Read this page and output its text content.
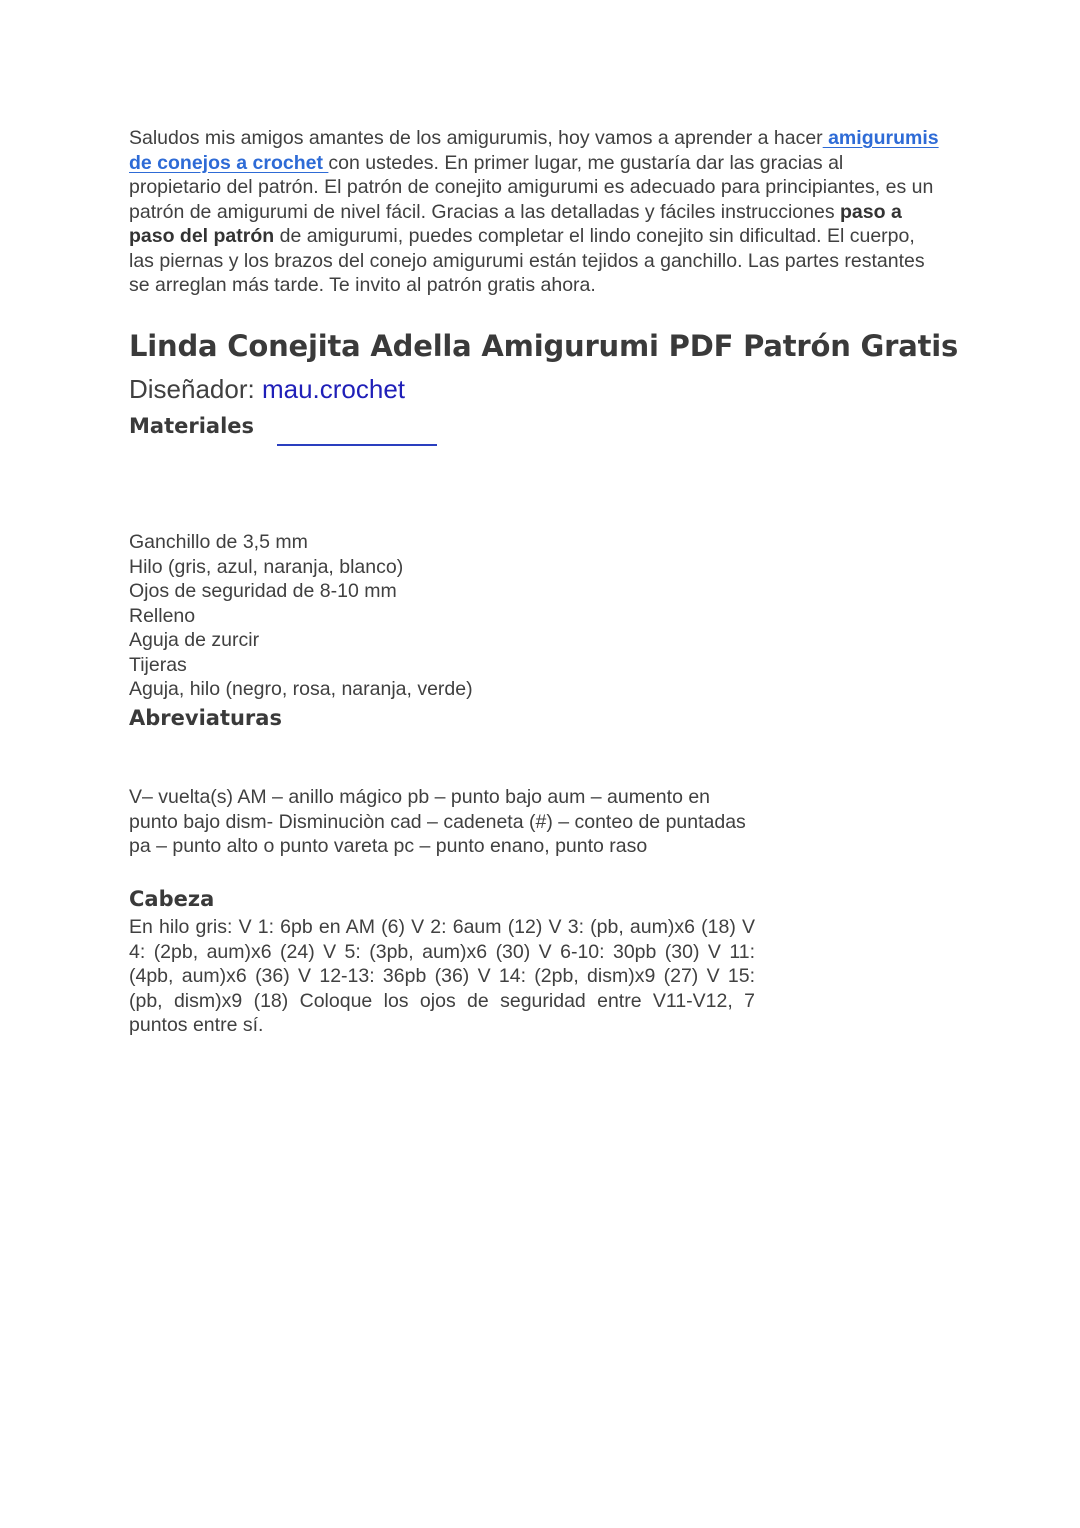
Saludos mis amigos amantes de los amigurumis, hoy vamos a aprender a hacer amigurumis de conejos a crochet con ustedes. En primer lugar, me gustaría dar las gracias al propietario del patrón. El patrón de conejito amigurumi es adecuado para principiantes, es un patrón de amigurumi de nivel fácil. Gracias a las detalladas y fáciles instrucciones paso a paso del patrón de amigurumi, puedes completar el lindo conejito sin dificultad. El cuerpo, las piernas y los brazos del conejo amigurumi están tejidos a ganchillo. Las partes restantes se arreglan más tarde. Te invito al patrón gratis ahora.
Linda Conejita Adella Amigurumi PDF Patrón Gratis
Diseñador: mau.crochet
Materiales
Ganchillo de 3,5 mm
Hilo (gris, azul, naranja, blanco)
Ojos de seguridad de 8-10 mm
Relleno
Aguja de zurcir
Tijeras
Aguja, hilo (negro, rosa, naranja, verde)
Abreviaturas
V– vuelta(s) AM – anillo mágico pb – punto bajo aum – aumento en punto bajo dism- Disminuciòn cad – cadeneta (#) – conteo de puntadas pa – punto alto o punto vareta pc – punto enano, punto raso
Cabeza
En hilo gris: V 1: 6pb en AM (6) V 2: 6aum (12) V 3: (pb, aum)x6 (18) V 4: (2pb, aum)x6 (24) V 5: (3pb, aum)x6 (30) V 6-10: 30pb (30) V 11: (4pb, aum)x6 (36) V 12-13: 36pb (36) V 14: (2pb, dism)x9 (27) V 15: (pb, dism)x9 (18) Coloque los ojos de seguridad entre V11-V12, 7 puntos entre sí.
